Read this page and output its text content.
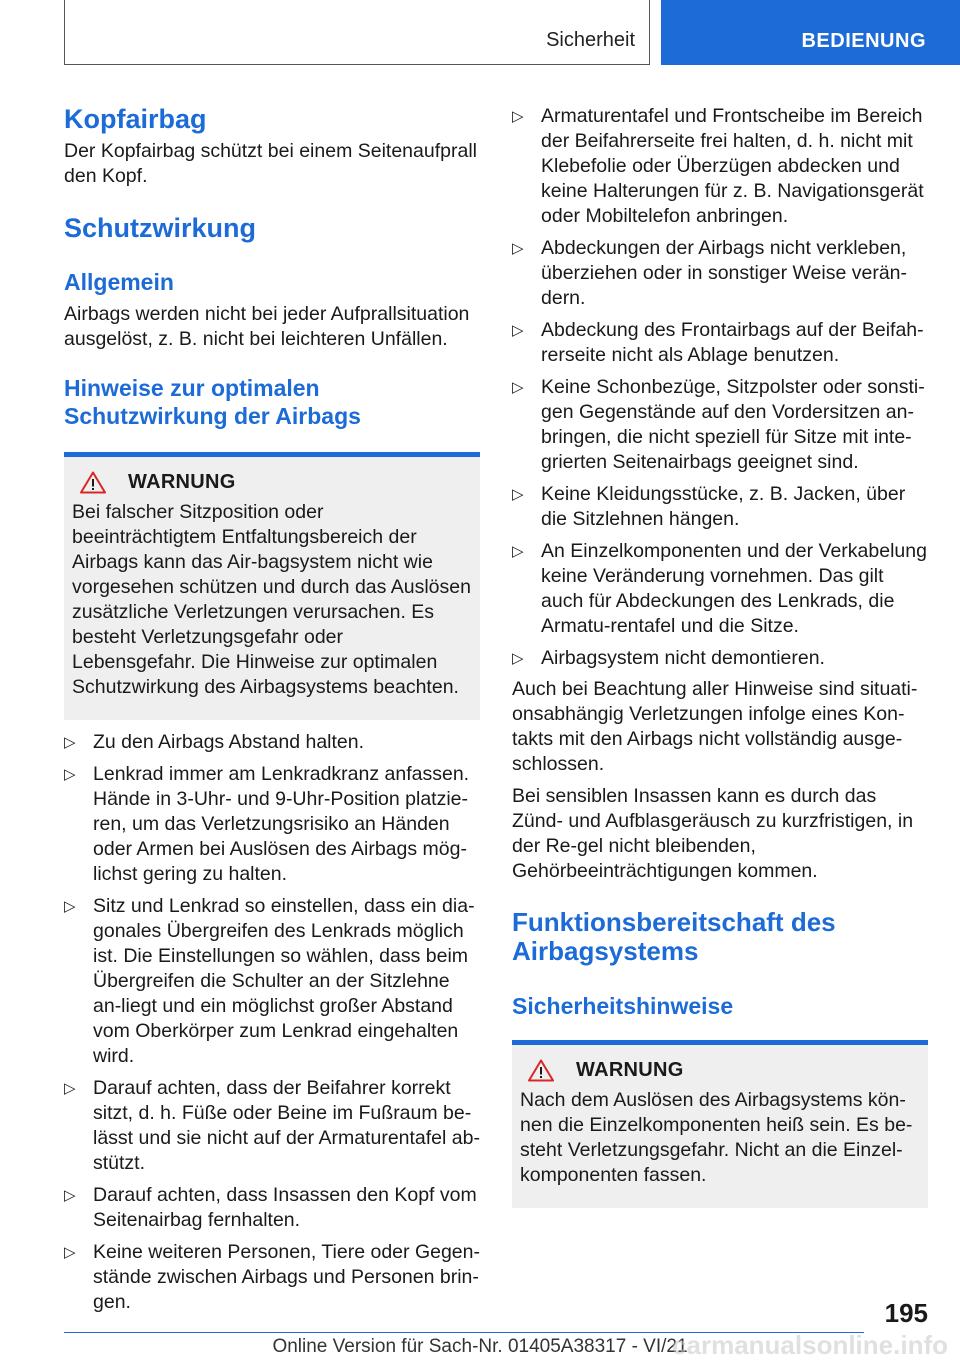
Sicherheit	BEDIENUNG
Kopfairbag
Der Kopfairbag schützt bei einem Seitenaufprall den Kopf.
Schutzwirkung
Allgemein
Airbags werden nicht bei jeder Aufprallsituation ausgelöst, z. B. nicht bei leichteren Unfällen.
Hinweise zur optimalen Schutzwirkung der Airbags
WARNUNG
Bei falscher Sitzposition oder beeinträchtigtem Entfaltungsbereich der Airbags kann das Air-bagsystem nicht wie vorgesehen schützen und durch das Auslösen zusätzliche Verletzungen verursachen. Es besteht Verletzungsgefahr oder Lebensgefahr. Die Hinweise zur optimalen Schutzwirkung des Airbagsystems beachten.
▷ Zu den Airbags Abstand halten.
▷ Lenkrad immer am Lenkradkranz anfassen. Hände in 3-Uhr- und 9-Uhr-Position platzie-ren, um das Verletzungsrisiko an Händen oder Armen bei Auslösen des Airbags mög-lichst gering zu halten.
▷ Sitz und Lenkrad so einstellen, dass ein dia-gonales Übergreifen des Lenkrads möglich ist. Die Einstellungen so wählen, dass beim Übergreifen die Schulter an der Sitzlehne an-liegt und ein möglichst großer Abstand vom Oberkörper zum Lenkrad eingehalten wird.
▷ Darauf achten, dass der Beifahrer korrekt sitzt, d. h. Füße oder Beine im Fußraum be-lässt und sie nicht auf der Armaturentafel ab-stützt.
▷ Darauf achten, dass Insassen den Kopf vom Seitenairbag fernhalten.
▷ Keine weiteren Personen, Tiere oder Gegen-stände zwischen Airbags und Personen brin-gen.
▷ Armaturentafel und Frontscheibe im Bereich der Beifahrerseite frei halten, d. h. nicht mit Klebefolie oder Überzügen abdecken und keine Halterungen für z. B. Navigationsgerät oder Mobiltelefon anbringen.
▷ Abdeckungen der Airbags nicht verkleben, überziehen oder in sonstiger Weise verän-dern.
▷ Abdeckung des Frontairbags auf der Beifah-rerseite nicht als Ablage benutzen.
▷ Keine Schonbezüge, Sitzpolster oder sonsti-gen Gegenstände auf den Vordersitzen an-bringen, die nicht speziell für Sitze mit inte-grierten Seitenairbags geeignet sind.
▷ Keine Kleidungsstücke, z. B. Jacken, über die Sitzlehnen hängen.
▷ An Einzelkomponenten und der Verkabelung keine Veränderung vornehmen. Das gilt auch für Abdeckungen des Lenkrads, die Armatu-rentafel und die Sitze.
▷ Airbagsystem nicht demontieren.
Auch bei Beachtung aller Hinweise sind situati-onsabhängig Verletzungen infolge eines Kon-takts mit den Airbags nicht vollständig ausge-schlossen.
Bei sensiblen Insassen kann es durch das Zünd- und Aufblasgeräusch zu kurzfristigen, in der Re-gel nicht bleibenden, Gehörbeeinträchtigungen kommen.
Funktionsbereitschaft des Airbagsystems
Sicherheitshinweise
WARNUNG
Nach dem Auslösen des Airbagsystems kön-nen die Einzelkomponenten heiß sein. Es be-steht Verletzungsgefahr. Nicht an die Einzel-komponenten fassen.
195
Online Version für Sach-Nr. 01405A38317 - VI/21
carmanualsonline.info
